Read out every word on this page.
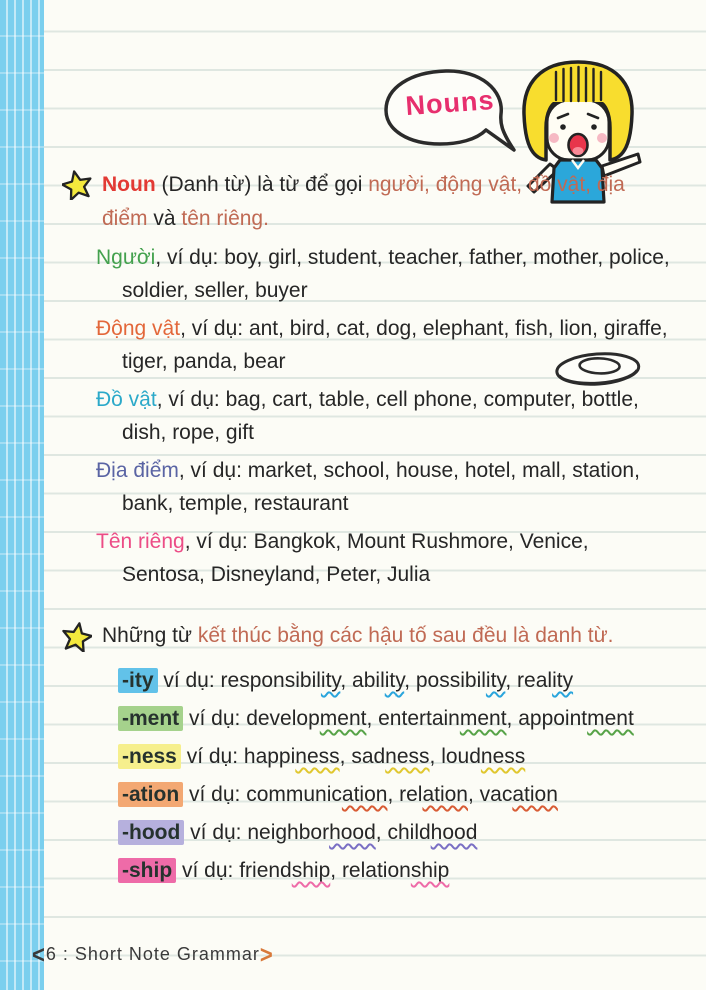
Nouns
Noun (Danh từ) là từ để gọi người, động vật, đồ vật, địa điểm và tên riêng.
Người, ví dụ: boy, girl, student, teacher, father, mother, police, soldier, seller, buyer
Động vật, ví dụ: ant, bird, cat, dog, elephant, fish, lion, giraffe, tiger, panda, bear
Đồ vật, ví dụ: bag, cart, table, cell phone, computer, bottle, dish, rope, gift
Địa điểm, ví dụ: market, school, house, hotel, mall, station, bank, temple, restaurant
Tên riêng, ví dụ: Bangkok, Mount Rushmore, Venice, Sentosa, Disneyland, Peter, Julia
Những từ kết thúc bằng các hậu tố sau đều là danh từ.
-ity ví dụ: responsibility, ability, possibility, reality
-ment ví dụ: development, entertainment, appointment
-ness ví dụ: happiness, sadness, loudness
-ation ví dụ: communication, relation, vacation
-hood ví dụ: neighborhood, childhood
-ship ví dụ: friendship, relationship
<6 : Short Note Grammar>
